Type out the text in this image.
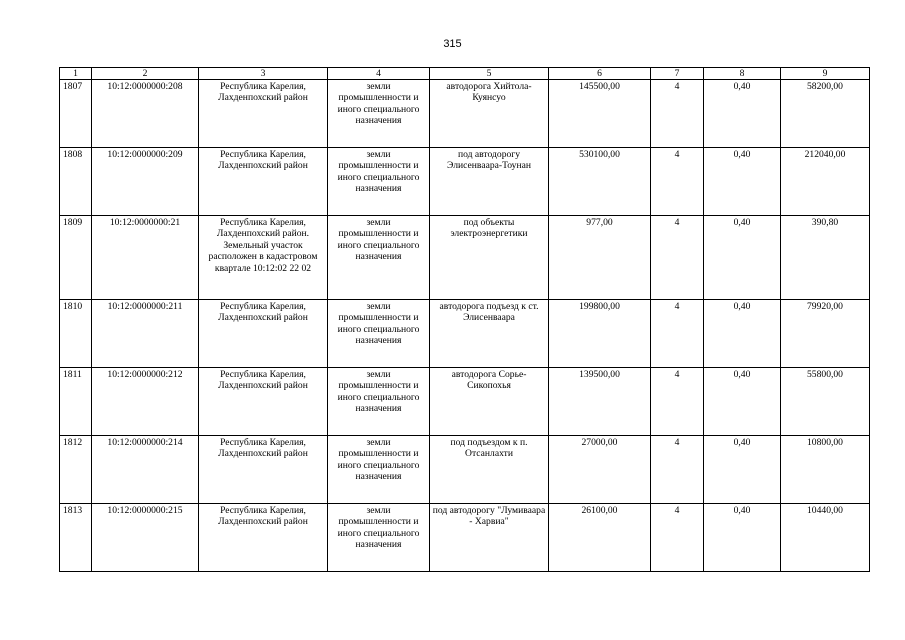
315
1	2	3	4	5	6	7	8	9
1807	10:12:0000000:208	Республика Карелия, Лахденпохский район	земли промышленности и иного специального назначения	автодорога Хийтола-Куянсуо	145500,00	4	0,40	58200,00
1808	10:12:0000000:209	Республика Карелия, Лахденпохский район	земли промышленности и иного специального назначения	под автодорогу Элисенваара-Тоунан	530100,00	4	0,40	212040,00
1809	10:12:0000000:21	Республика Карелия, Лахденпохский район. Земельный участок расположен в кадастровом квартале 10:12:02 22 02	земли промышленности и иного специального назначения	под объекты электроэнергетики	977,00	4	0,40	390,80
1810	10:12:0000000:211	Республика Карелия, Лахденпохский район	земли промышленности и иного специального назначения	автодорога подъезд к ст. Элисенваара	199800,00	4	0,40	79920,00
1811	10:12:0000000:212	Республика Карелия, Лахденпохский район	земли промышленности и иного специального назначения	автодорога Сорье-Сикопохья	139500,00	4	0,40	55800,00
1812	10:12:0000000:214	Республика Карелия, Лахденпохский район	земли промышленности и иного специального назначения	под подъездом к п. Отсанлахти	27000,00	4	0,40	10800,00
1813	10:12:0000000:215	Республика Карелия, Лахденпохский район	земли промышленности и иного специального назначения	под автодорогу "Лумиваара - Харвиа"	26100,00	4	0,40	10440,00
